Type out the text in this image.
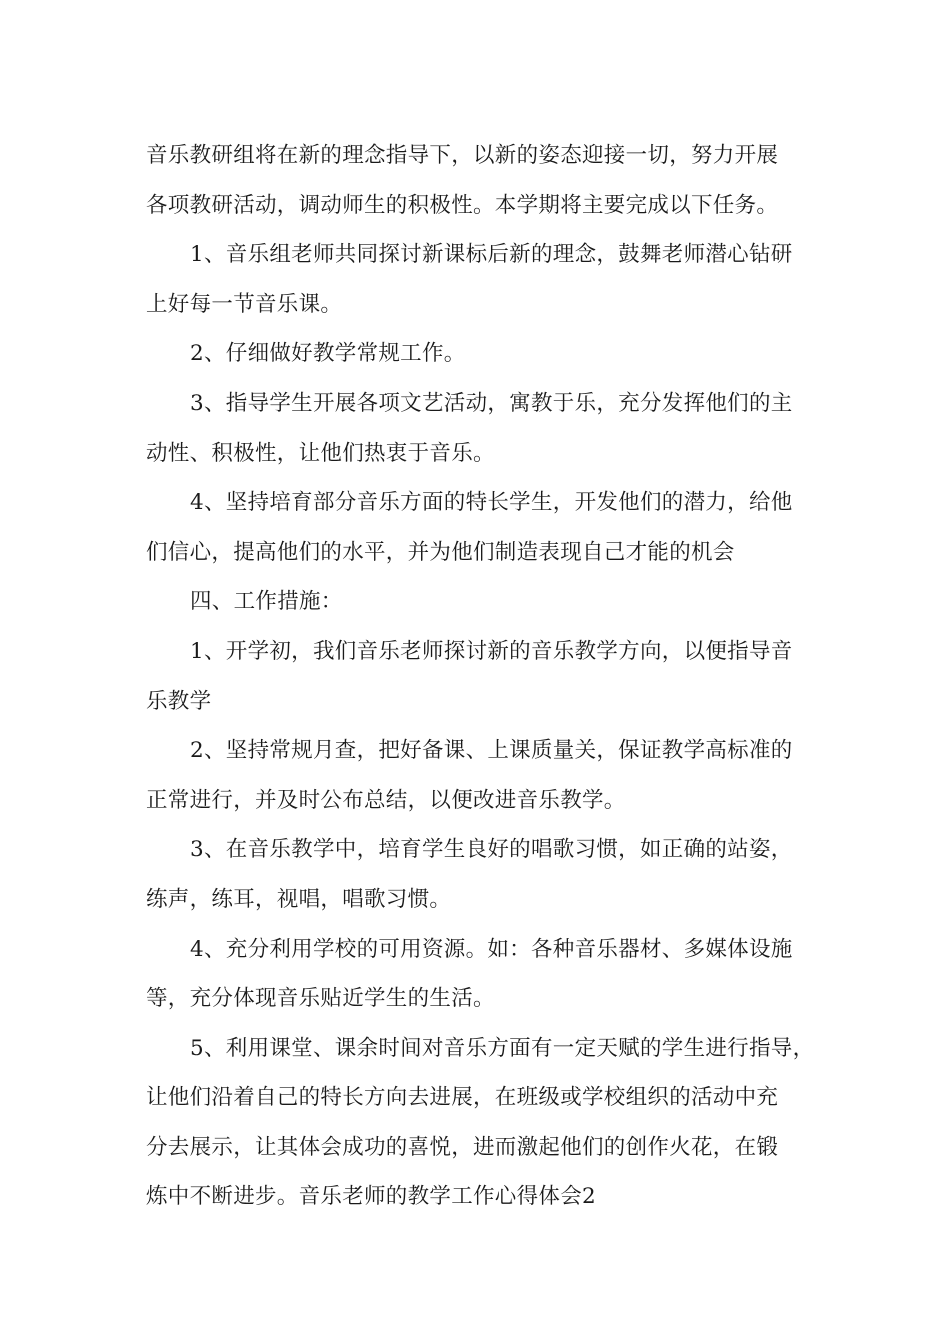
音乐教研组将在新的理念指导下，以新的姿态迎接一切，努力开展
各项教研活动，调动师生的积极性。本学期将主要完成以下任务。
1、音乐组老师共同探讨新课标后新的理念，鼓舞老师潜心钻研
上好每一节音乐课。
2、仔细做好教学常规工作。
3、指导学生开展各项文艺活动，寓教于乐，充分发挥他们的主
动性、积极性，让他们热衷于音乐。
4、坚持培育部分音乐方面的特长学生，开发他们的潜力，给他
们信心，提高他们的水平，并为他们制造表现自己才能的机会
四、工作措施：
1、开学初，我们音乐老师探讨新的音乐教学方向，以便指导音
乐教学
2、坚持常规月查，把好备课、上课质量关，保证教学高标准的
正常进行，并及时公布总结，以便改进音乐教学。
3、在音乐教学中，培育学生良好的唱歌习惯，如正确的站姿，
练声，练耳，视唱，唱歌习惯。
4、充分利用学校的可用资源。如：各种音乐器材、多媒体设施
等，充分体现音乐贴近学生的生活。
5、利用课堂、课余时间对音乐方面有一定天赋的学生进行指导，
让他们沿着自己的特长方向去进展，在班级或学校组织的活动中充
分去展示，让其体会成功的喜悦，进而激起他们的创作火花，在锻
炼中不断进步。音乐老师的教学工作心得体会2
